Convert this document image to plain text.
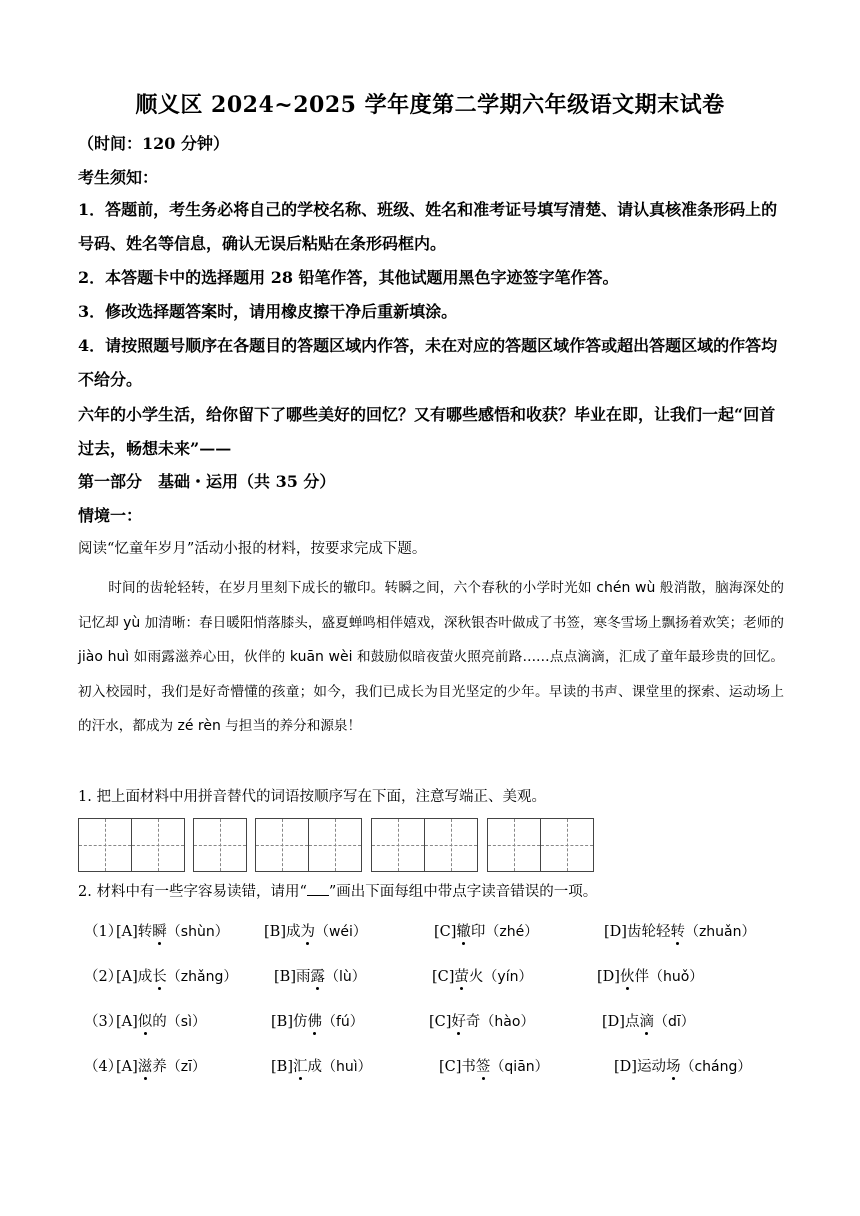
顺义区 2024~2025 学年度第二学期六年级语文期末试卷
（时间：120 分钟）
考生须知：
1．答题前，考生务必将自己的学校名称、班级、姓名和准考证号填写清楚、请认真核准条形码上的号码、姓名等信息，确认无误后粘贴在条形码框内。
2．本答题卡中的选择题用 28 铅笔作答，其他试题用黑色字迹签字笔作答。
3．修改选择题答案时，请用橡皮擦干净后重新填涂。
4．请按照题号顺序在各题目的答题区域内作答，未在对应的答题区域作答或超出答题区域的作答均不给分。
六年的小学生活，给你留下了哪些美好的回忆？又有哪些感悟和收获？毕业在即，让我们一起“回首过去，畅想未来”——
第一部分　基础・运用（共 35 分）
情境一：
阅读“忆童年岁月”活动小报的材料，按要求完成下题。
时间的齿轮轻转，在岁月里刻下成长的辙印。转瞬之间，六个春秋的小学时光如 chén wù 般消散，脑海深处的记忆却 yù 加清晰：春日暖阳悄落膝头，盛夏蝉鸣相伴嬉戏，深秋银杏叶做成了书签，寒冬雪场上飘扬着欢笑；老师的 jiào huì 如雨露滋养心田，伙伴的 kuān wèi 和鼓励似暗夜萤火照亮前路……点点滴滴，汇成了童年最珍贵的回忆。初入校园时，我们是好奇懵懂的孩童；如今，我们已成长为目光坚定的少年。早读的书声、课堂里的探索、运动场上的汗水，都成为 zé rèn 与担当的养分和源泉！
1. 把上面材料中用拼音替代的词语按顺序写在下面，注意写端正、美观。
2. 材料中有一些字容易读错，请用“ ”画出下面每组中带点字读音错误的一项。
（1）
[A]转瞬（shùn） [B]成为（wéi）	[C]辙印（zhé）	[D]齿轮轻转（zhuǎn）
（2）
[A]成长（zhǎng）	[B]雨露（lù）	[C]萤火（yín）	[D]伙伴（huǒ）
（3）
[A]似的（sì）	[B]仿佛（fú）	[C]好奇（hào）	[D]点滴（dī）
（4）
[A]滋养（zī）	[B]汇成（huì）	[C]书签（qiān）	[D]运动场（cháng）
